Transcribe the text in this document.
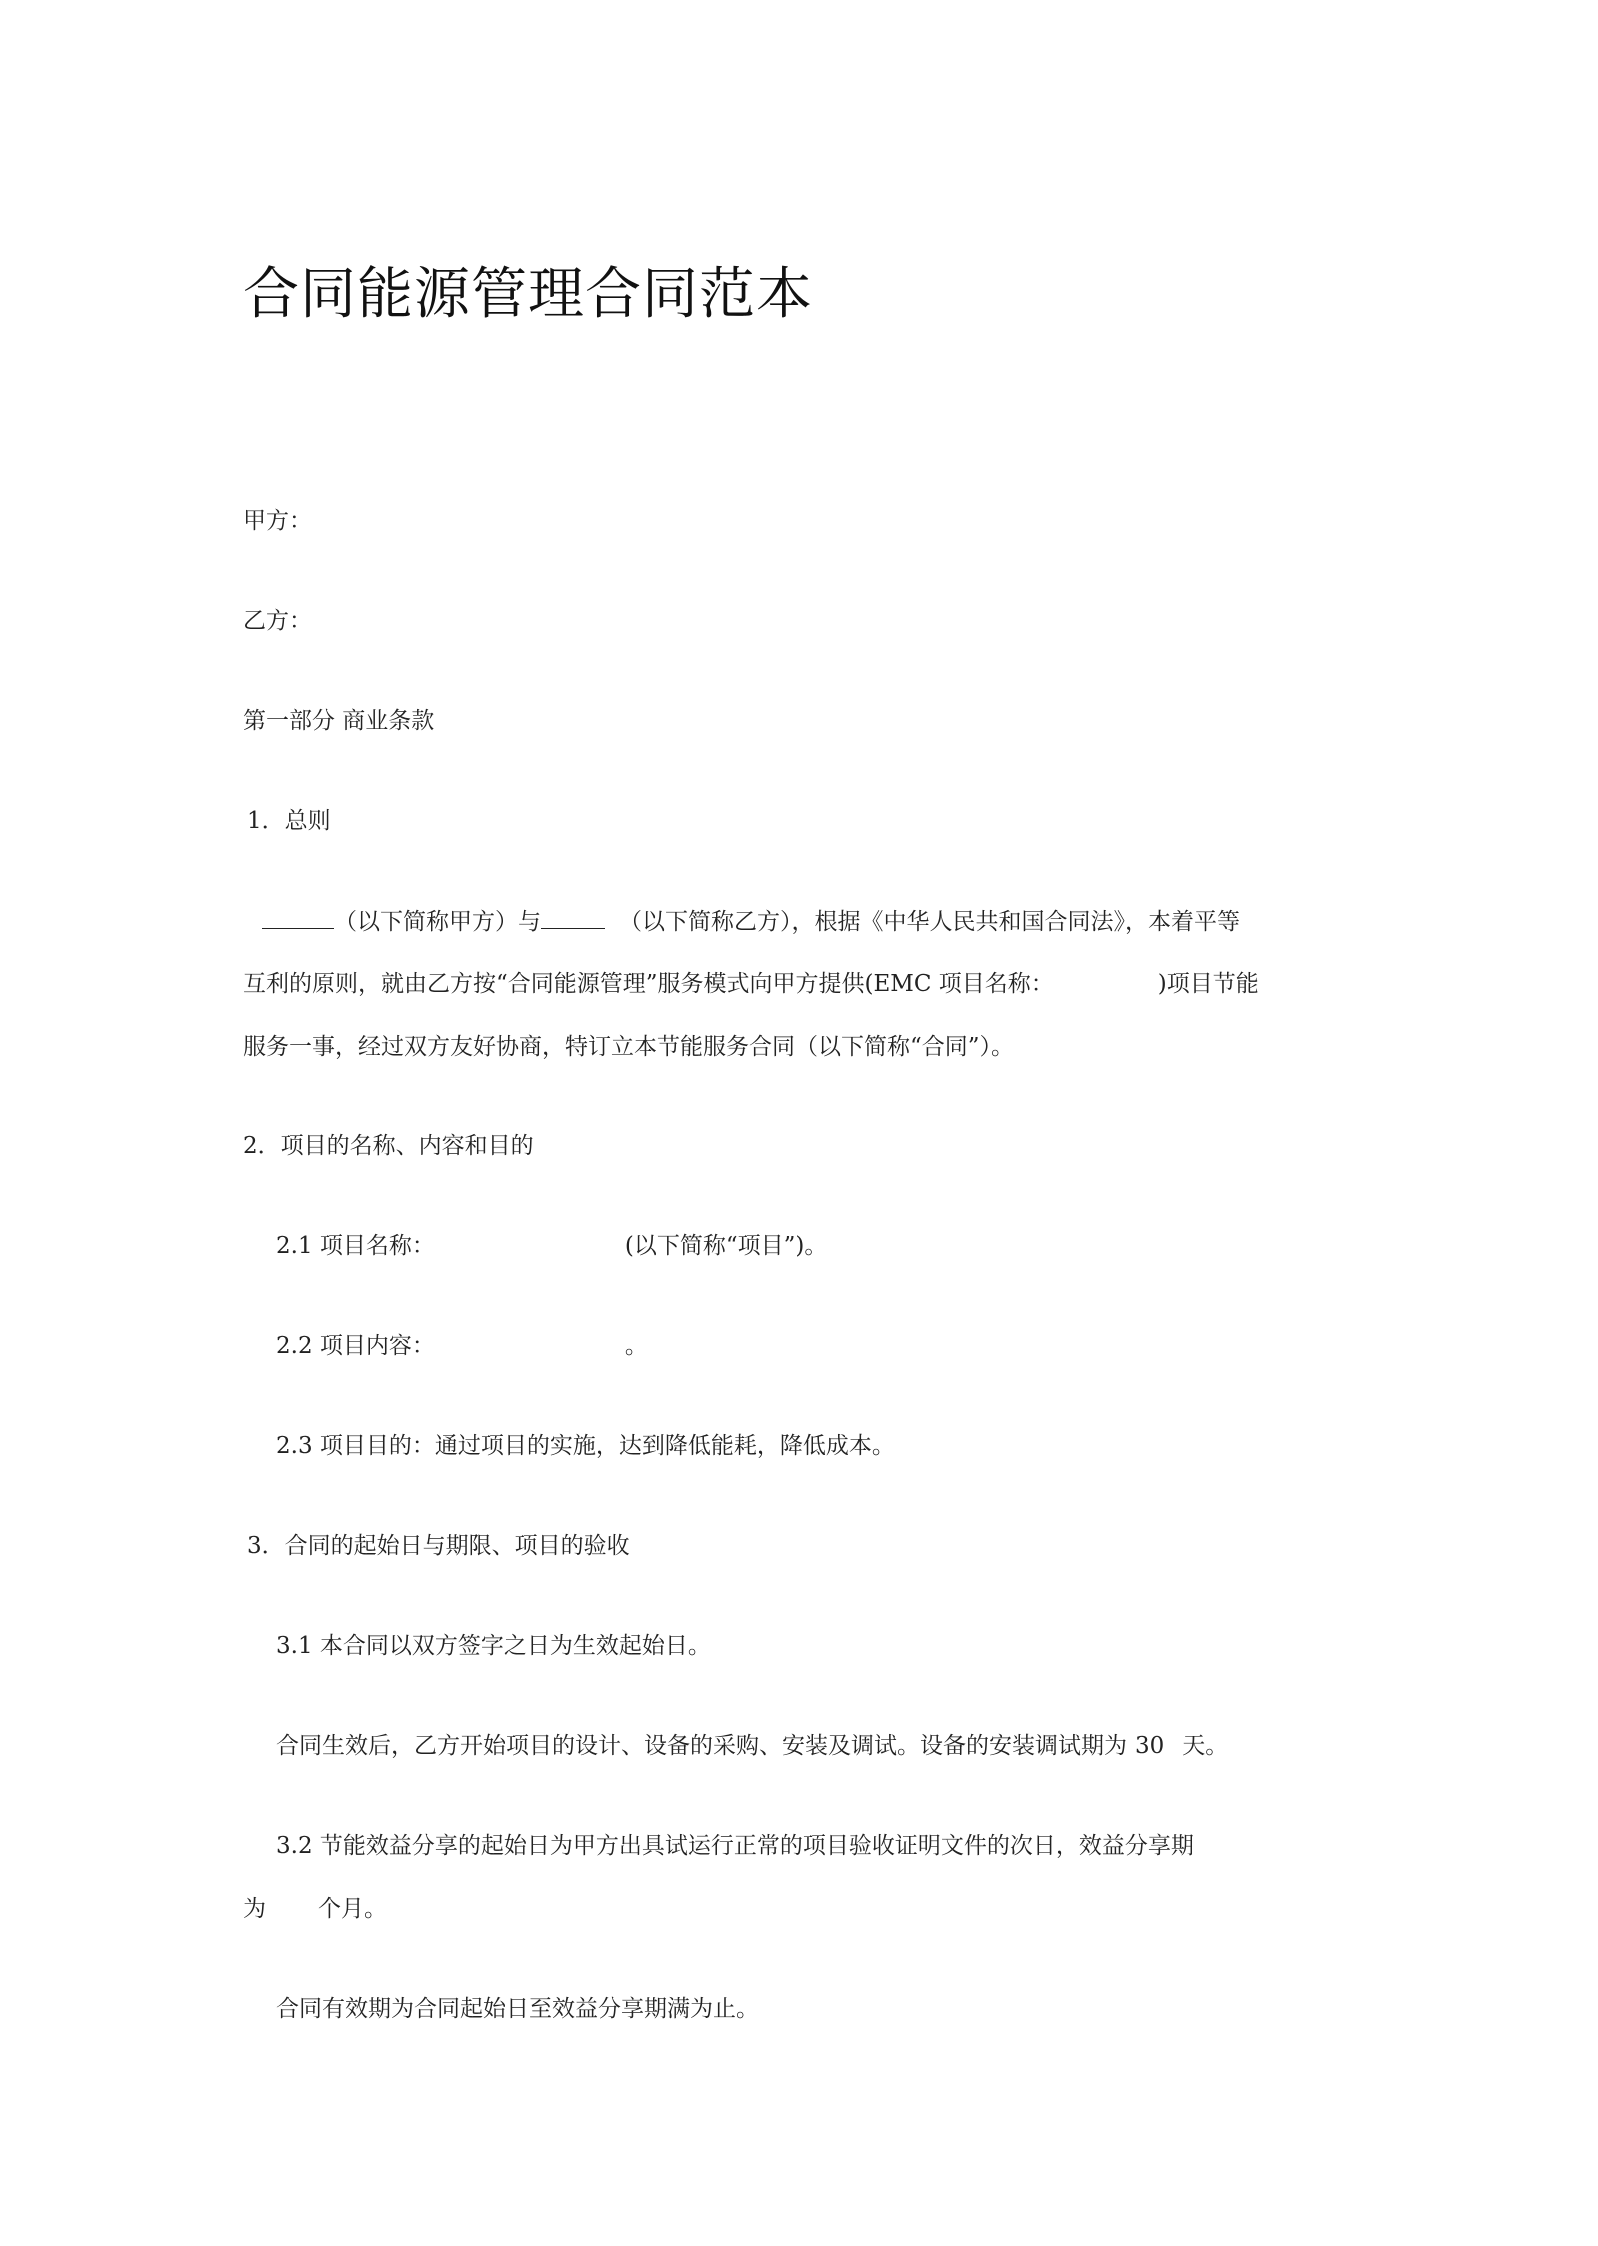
合同能源管理合同范本

甲方：

乙方：

第一部分 商业条款

1．总则

（以下简称甲方）与	（以下简称乙方），根据《中华人民共和国合同法》，本着平等

互利的原则，就由乙方按“合同能源管理”服务模式向甲方提供(EMC 项目名称：	)项目节能

服务一事，经过双方友好协商，特订立本节能服务合同（以下简称“合同”）。

2．项目的名称、内容和目的

2.1 项目名称：	(以下简称“项目”)。

2.2 项目内容：	。

2.3 项目目的：通过项目的实施，达到降低能耗，降低成本。

3．合同的起始日与期限、项目的验收

3.1 本合同以双方签字之日为生效起始日。

合同生效后，乙方开始项目的设计、设备的采购、安装及调试。设备的安装调试期为 30 天。

3.2 节能效益分享的起始日为甲方出具试运行正常的项目验收证明文件的次日，效益分享期

为 个月。

合同有效期为合同起始日至效益分享期满为止。
